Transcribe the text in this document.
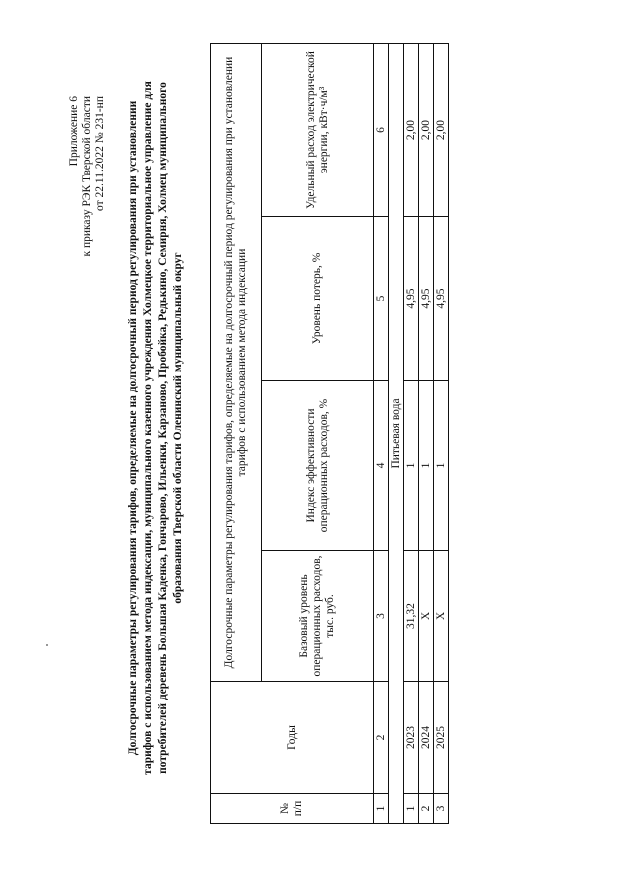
Приложение 6 к приказу РЭК Тверской области от 22.11.2022 № 231-нп Долгосрочные параметры регулирования тарифов, определяемые на долгосрочный период регулирования при установлении тарифов с использованием метода индексации, муниципального казенного учреждения Холмецкое территориальное управление для потребителей деревень Большая Каденка, Гончарово, Ильенки, Карзаново, Пробойка, Редькино, Семирня, Холмец муниципального образования Тверской области Оленинский муниципальный округ
№ п/п	Годы	Долгосрочные параметры регулирования тарифов, определяемые на долгосрочный период регулирования при установлении тарифов с использованием метода индексации			
		Базовый уровень операционных расходов, тыс. руб.	Индекс эффективности операционных расходов, %	Уровень потерь, %	Удельный расход электрической энергии, кВт·ч/м³
1	2	3	4	5	6
Питьевая вода					
1	2023	31,32	1	4,95	2,00
2	2024	Х	1	4,95	2,00
3	2025	Х	1	4,95	2,00
